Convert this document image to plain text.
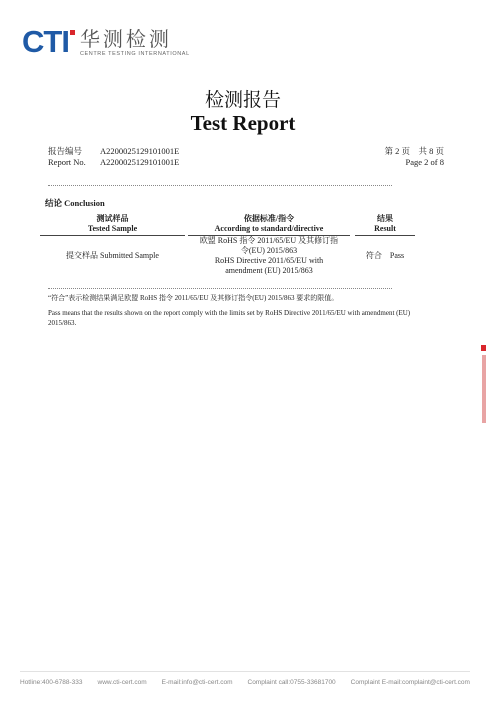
CTI 华测检测
CENTRE TESTING INTERNATIONAL
检测报告
Test Report
报告编号
Report No.
A2200025129101001E
A2200025129101001E
第 2 页　共 8 页
Page 2 of 8
结论 Conclusion
测试样品
Tested Sample
依据标准/指令
According to standard/directive
结果
Result
提交样品 Submitted Sample
欧盟 RoHS 指令 2011/65/EU 及其修订指
令(EU) 2015/863
RoHS Directive 2011/65/EU with
amendment (EU) 2015/863
符合　Pass
“符合”表示检测结果满足欧盟 RoHS 指令 2011/65/EU 及其修订指令(EU) 2015/863 要求的限值。
Pass means that the results shown on the report comply with the limits set by RoHS Directive 2011/65/EU with amendment (EU)
2015/863.
Hotline:400-6788-333 www.cti-cert.com E-mail:info@cti-cert.com Complaint call:0755-33681700 Complaint E-mail:complaint@cti-cert.com
